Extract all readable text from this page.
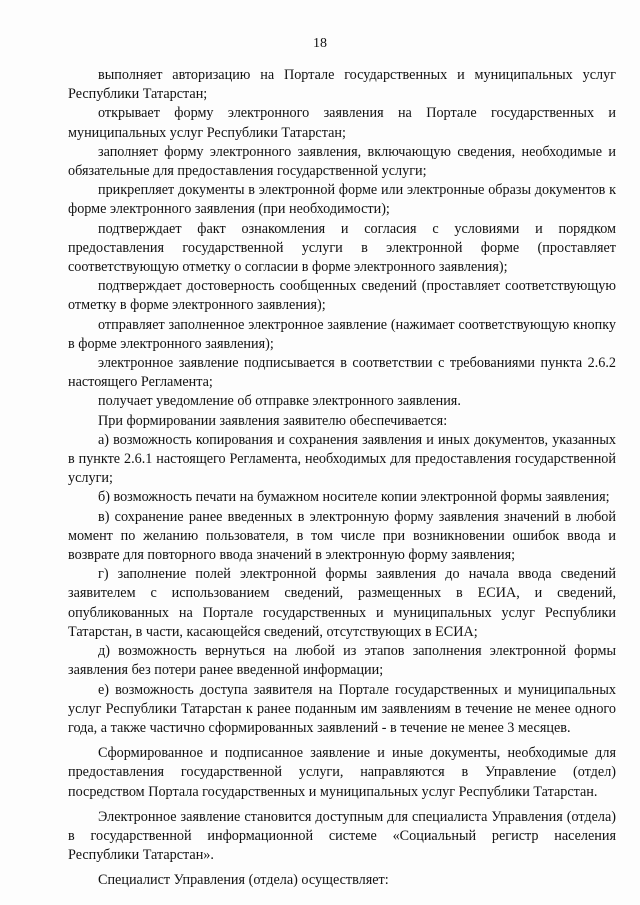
18

выполняет авторизацию на Портале государственных и муниципальных услуг Республики Татарстан;

открывает форму электронного заявления на Портале государственных и муниципальных услуг Республики Татарстан;

заполняет форму электронного заявления, включающую сведения, необходимые и обязательные для предоставления государственной услуги;

прикрепляет документы в электронной форме или электронные образы документов к форме электронного заявления (при необходимости);

подтверждает факт ознакомления и согласия с условиями и порядком предоставления государственной услуги в электронной форме (проставляет соответствующую отметку о согласии в форме электронного заявления);

подтверждает достоверность сообщенных сведений (проставляет соответствующую отметку в форме электронного заявления);

отправляет заполненное электронное заявление (нажимает соответствующую кнопку в форме электронного заявления);

электронное заявление подписывается в соответствии с требованиями пункта 2.6.2 настоящего Регламента;

получает уведомление об отправке электронного заявления.

При формировании заявления заявителю обеспечивается:

а) возможность копирования и сохранения заявления и иных документов, указанных в пункте 2.6.1 настоящего Регламента, необходимых для предоставления государственной услуги;

б) возможность печати на бумажном носителе копии электронной формы заявления;

в) сохранение ранее введенных в электронную форму заявления значений в любой момент по желанию пользователя, в том числе при возникновении ошибок ввода и возврате для повторного ввода значений в электронную форму заявления;

г) заполнение полей электронной формы заявления до начала ввода сведений заявителем с использованием сведений, размещенных в ЕСИА, и сведений, опубликованных на Портале государственных и муниципальных услуг Республики Татарстан, в части, касающейся сведений, отсутствующих в ЕСИА;

д) возможность вернуться на любой из этапов заполнения электронной формы заявления без потери ранее введенной информации;

е) возможность доступа заявителя на Портале государственных и муниципальных услуг Республики Татарстан к ранее поданным им заявлениям в течение не менее одного года, а также частично сформированных заявлений - в течение не менее 3 месяцев.

Сформированное и подписанное заявление и иные документы, необходимые для предоставления государственной услуги, направляются в Управление (отдел) посредством Портала государственных и муниципальных услуг Республики Татарстан.

Электронное заявление становится доступным для специалиста Управления (отдела) в государственной информационной системе «Социальный регистр населения Республики Татарстан».

Специалист Управления (отдела) осуществляет:
